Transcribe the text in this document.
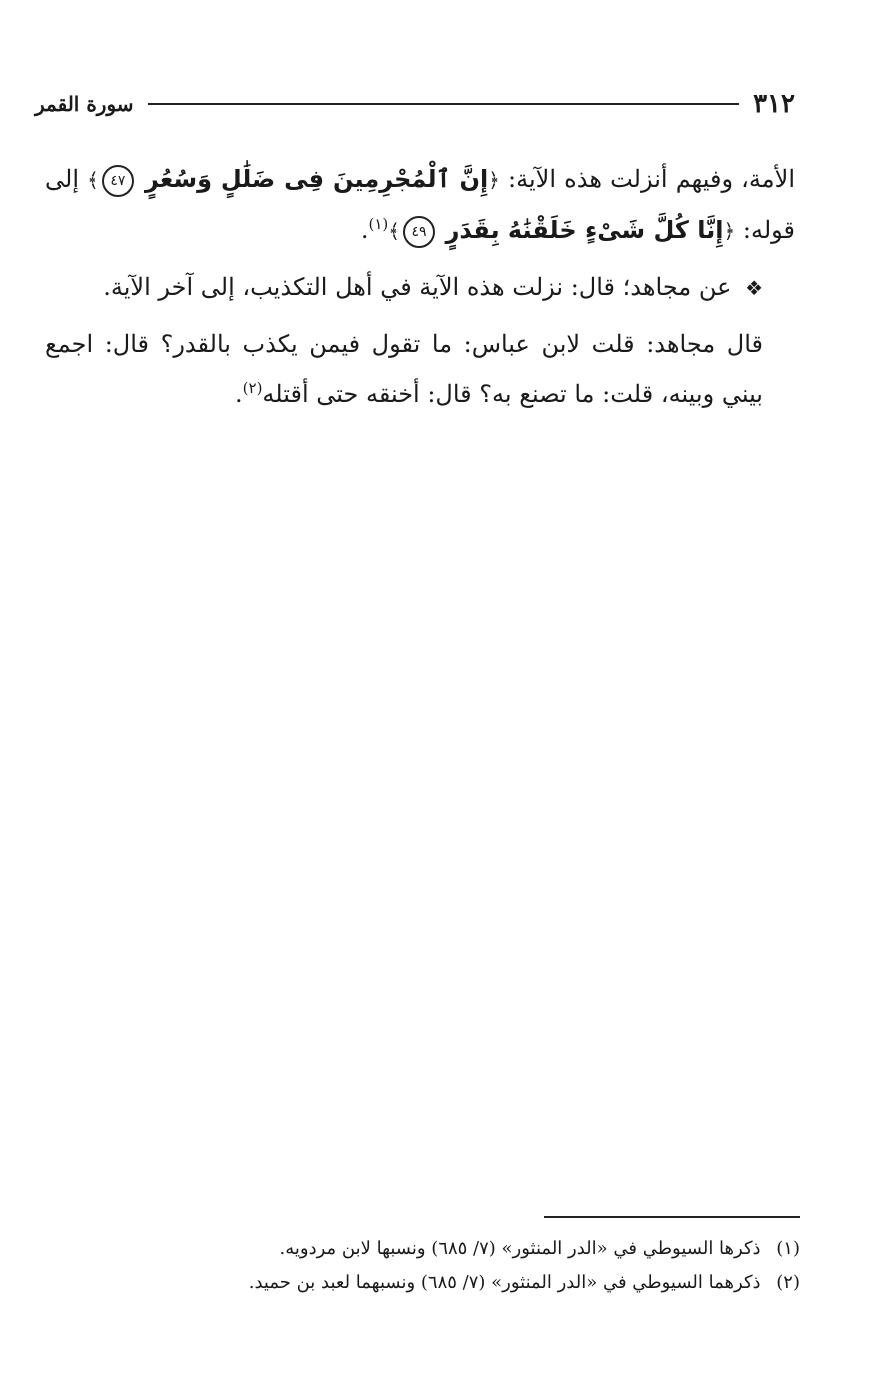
٣١٢
سورة القمر

الأمة، وفيهم أنزلت هذه الآية: ﴿إِنَّ ٱلْمُجْرِمِينَ فِى ضَلَٰلٍ وَسُعُرٍ ٤٧﴾ إلى قوله: ﴿إِنَّا كُلَّ شَىْءٍ خَلَقْنَٰهُ بِقَدَرٍ ٤٩﴾$^{(١)}$.

❖ عن مجاهد؛ قال: نزلت هذه الآية في أهل التكذيب، إلى آخر الآية.

قال مجاهد: قلت لابن عباس: ما تقول فيمن يكذب بالقدر؟ قال: اجمع بيني وبينه، قلت: ما تصنع به؟ قال: أخنقه حتى أقتله$^{(٢)}$.

(١) ذكرها السيوطي في «الدر المنثور» (٧/ ٦٨٥) ونسبها لابن مردويه.

(٢) ذكرهما السيوطي في «الدر المنثور» (٧/ ٦٨٥) ونسبهما لعبد بن حميد.
